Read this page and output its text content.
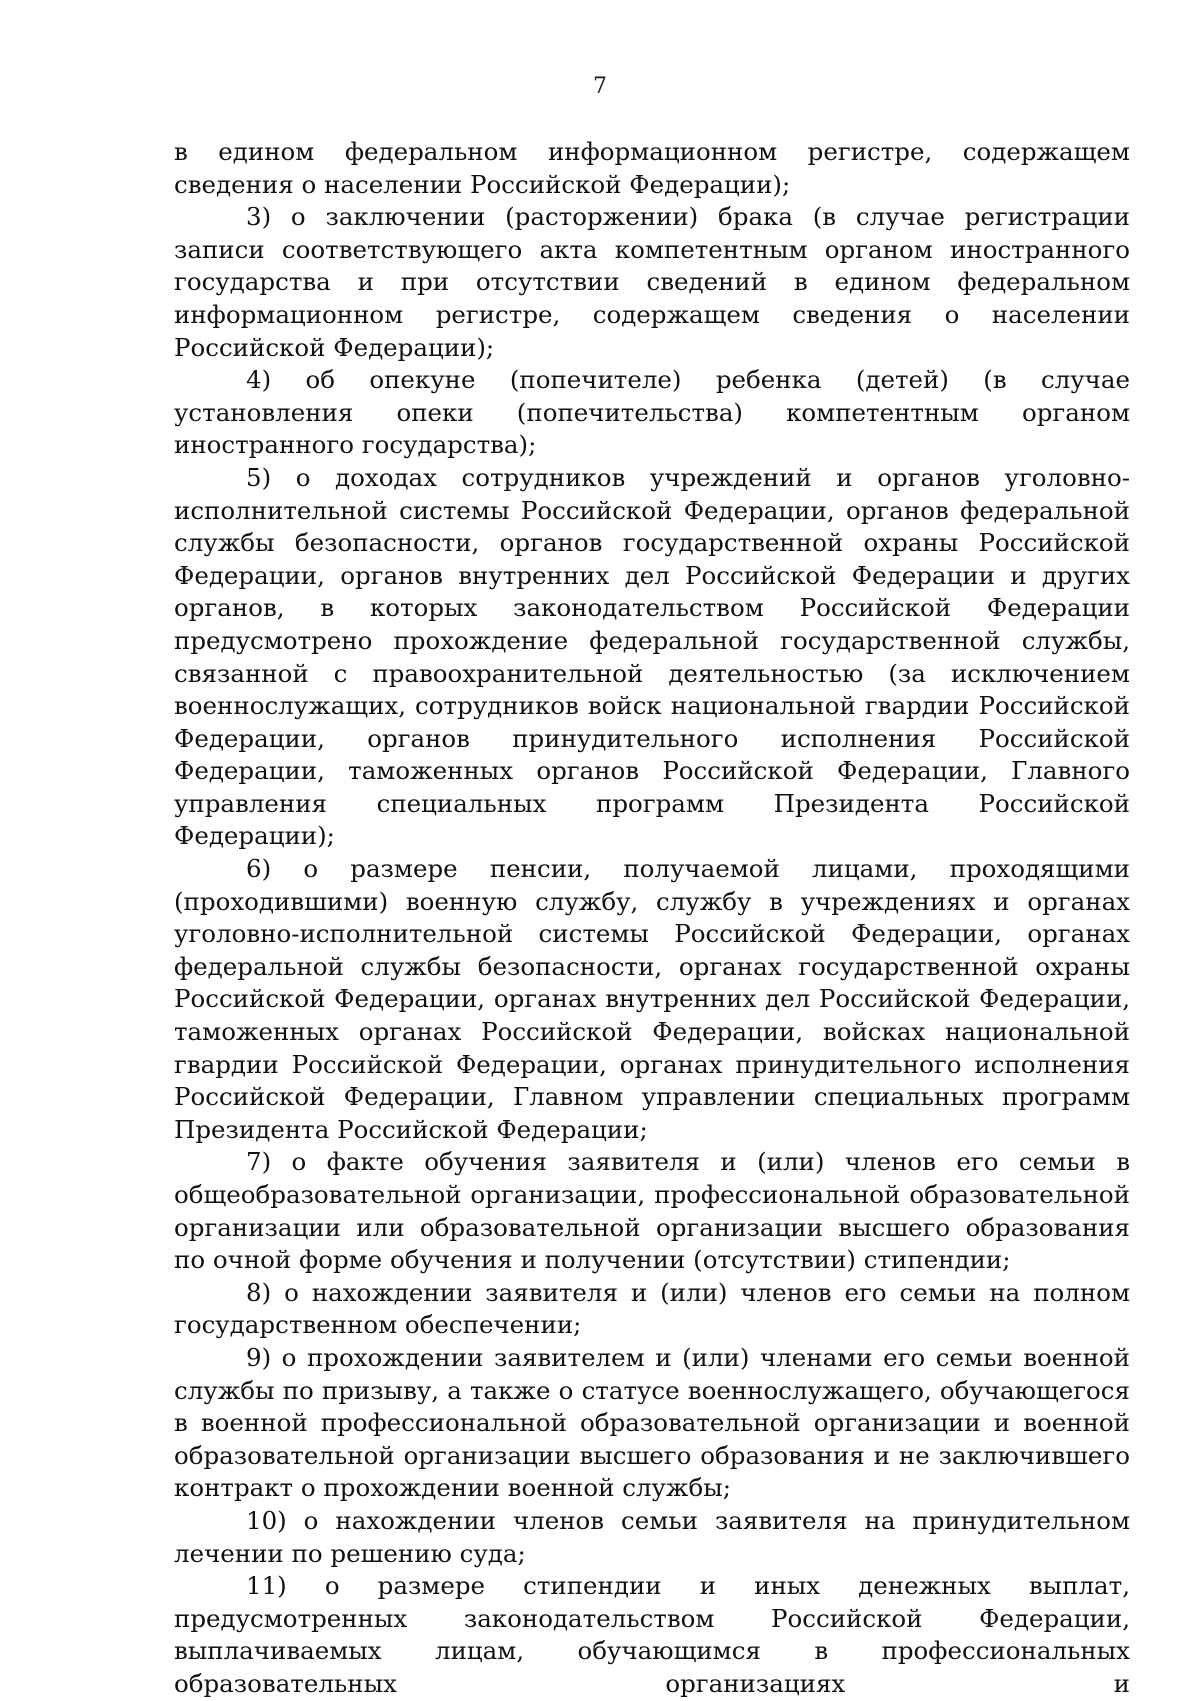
7

в едином федеральном информационном регистре, содержащем сведения о населении Российской Федерации);

3) о заключении (расторжении) брака (в случае регистрации записи соответствующего акта компетентным органом иностранного государства и при отсутствии сведений в едином федеральном информационном регистре, содержащем сведения о населении Российской Федерации);

4) об опекуне (попечителе) ребенка (детей) (в случае установления опеки (попечительства) компетентным органом иностранного государства);

5) о доходах сотрудников учреждений и органов уголовно-исполнительной системы Российской Федерации, органов федеральной службы безопасности, органов государственной охраны Российской Федерации, органов внутренних дел Российской Федерации и других органов, в которых законодательством Российской Федерации предусмотрено прохождение федеральной государственной службы, связанной с правоохранительной деятельностью (за исключением военнослужащих, сотрудников войск национальной гвардии Российской Федерации, органов принудительного исполнения Российской Федерации, таможенных органов Российской Федерации, Главного управления специальных программ Президента Российской Федерации);

6) о размере пенсии, получаемой лицами, проходящими (проходившими) военную службу, службу в учреждениях и органах уголовно-исполнительной системы Российской Федерации, органах федеральной службы безопасности, органах государственной охраны Российской Федерации, органах внутренних дел Российской Федерации, таможенных органах Российской Федерации, войсках национальной гвардии Российской Федерации, органах принудительного исполнения Российской Федерации, Главном управлении специальных программ Президента Российской Федерации;

7) о факте обучения заявителя и (или) членов его семьи в общеобразовательной организации, профессиональной образовательной организации или образовательной организации высшего образования по очной форме обучения и получении (отсутствии) стипендии;

8) о нахождении заявителя и (или) членов его семьи на полном государственном обеспечении;

9) о прохождении заявителем и (или) членами его семьи военной службы по призыву, а также о статусе военнослужащего, обучающегося в военной профессиональной образовательной организации и военной образовательной организации высшего образования и не заключившего контракт о прохождении военной службы;

10) о нахождении членов семьи заявителя на принудительном лечении по решению суда;

11) о размере стипендии и иных денежных выплат, предусмотренных законодательством Российской Федерации, выплачиваемых лицам, обучающимся в профессиональных образовательных организациях и
